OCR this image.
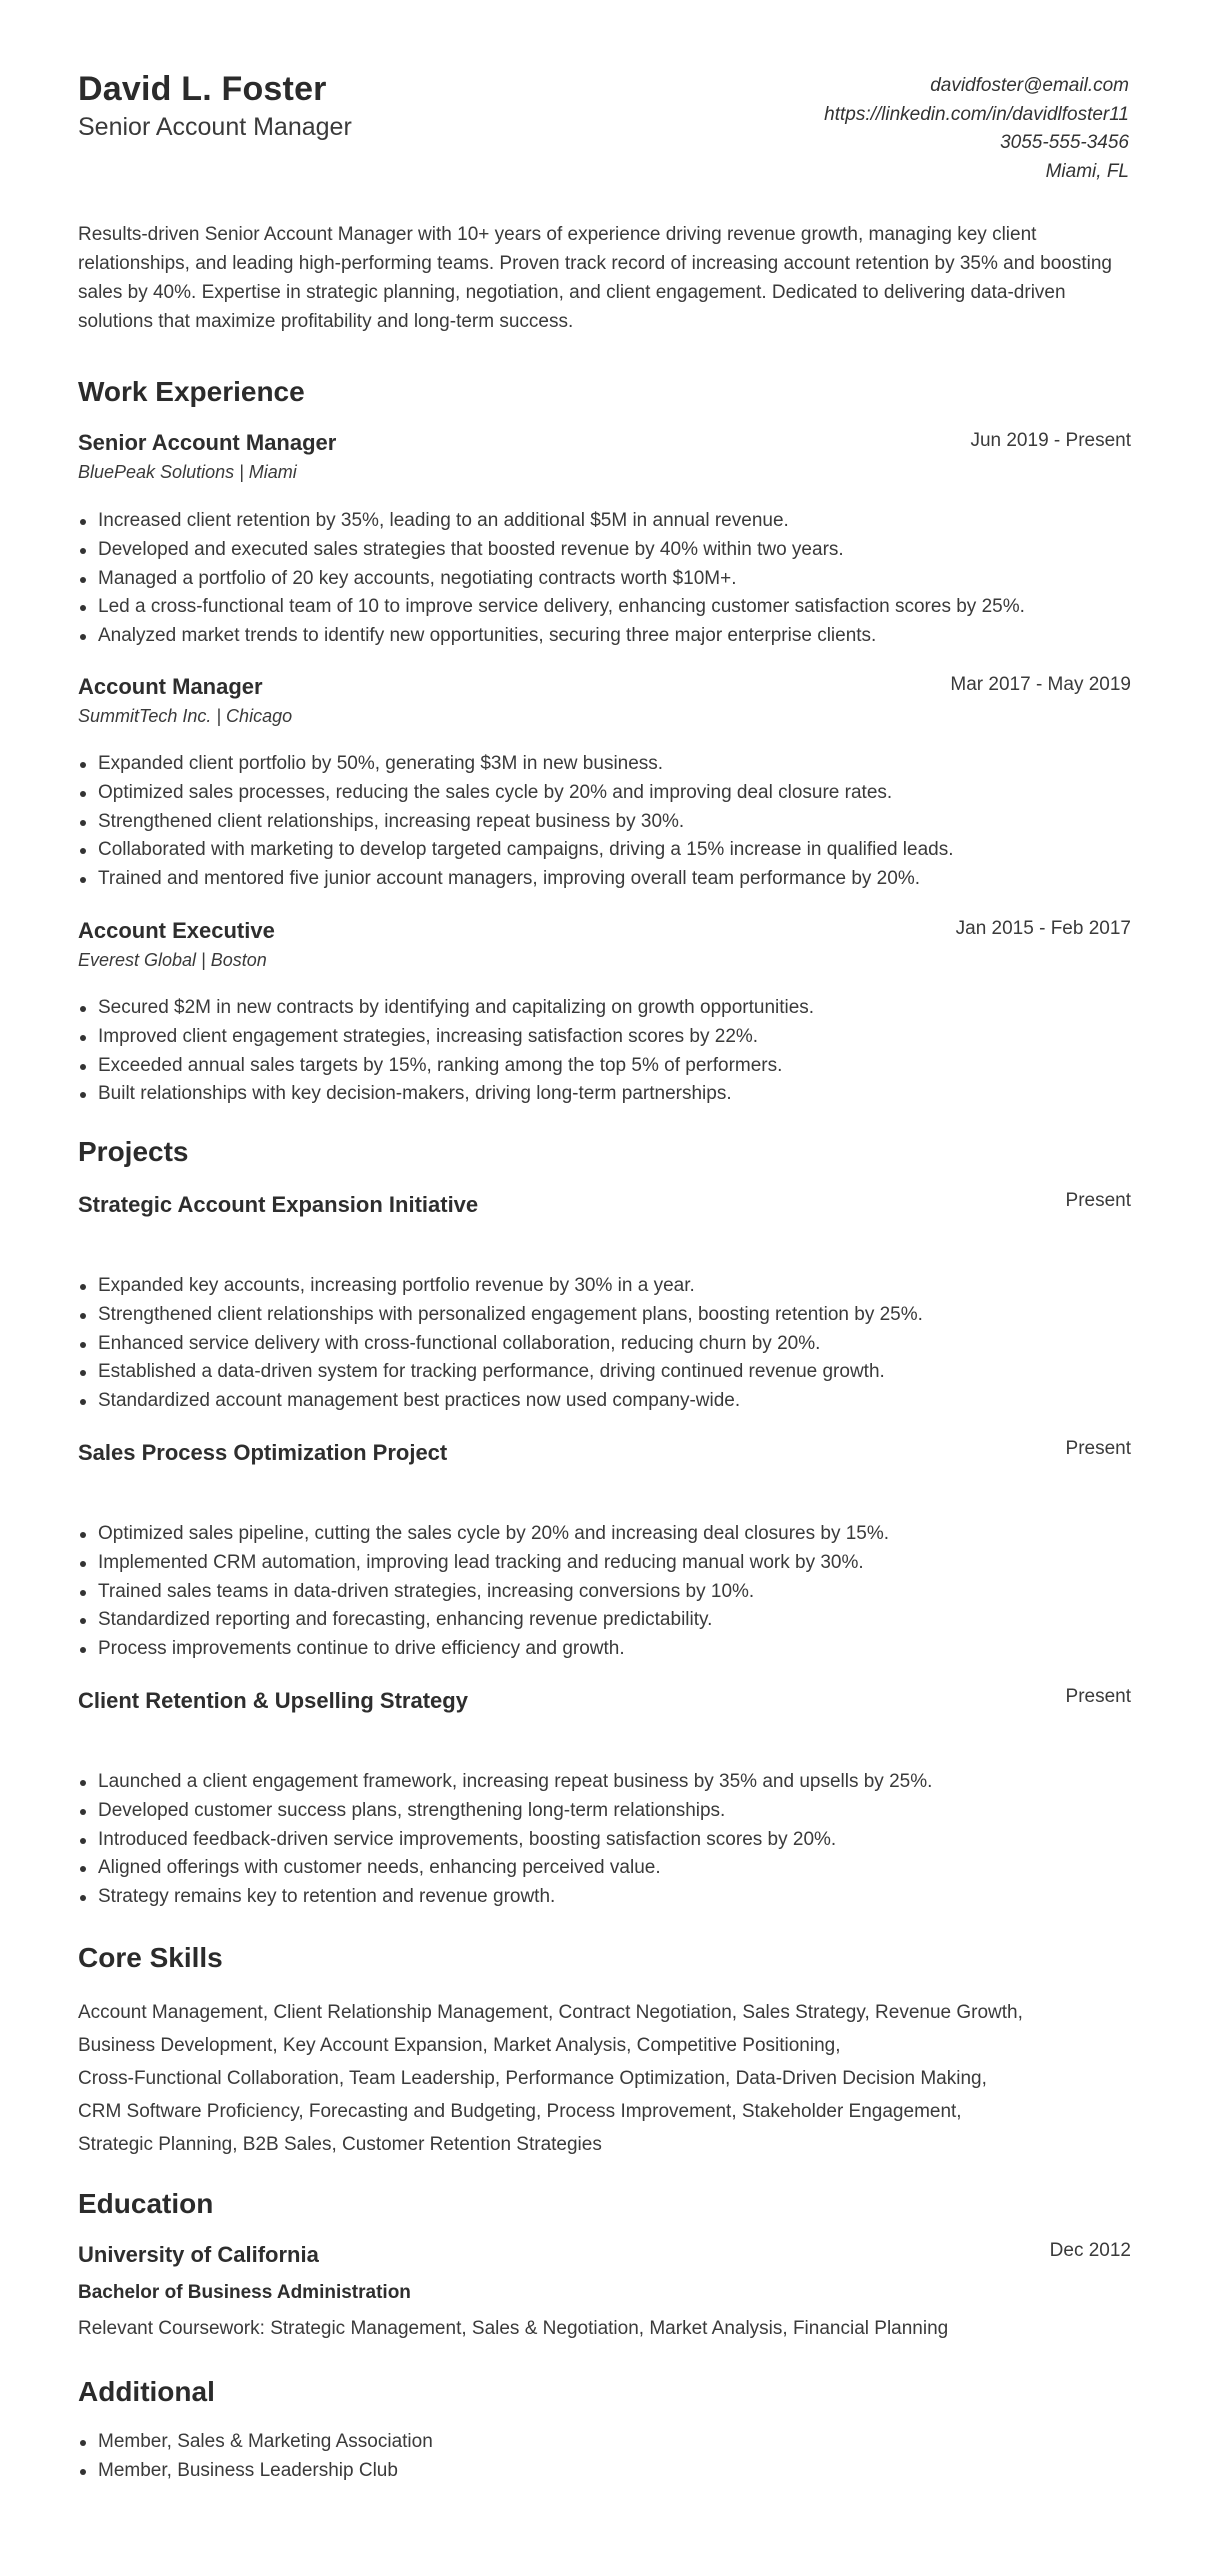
David L. Foster
Senior Account Manager
davidfoster@email.com
https://linkedin.com/in/davidlfoster11
3055-555-3456
Miami, FL

Results-driven Senior Account Manager with 10+ years of experience driving revenue growth, managing key client relationships, and leading high-performing teams. Proven track record of increasing account retention by 35% and boosting sales by 40%. Expertise in strategic planning, negotiation, and client engagement. Dedicated to delivering data-driven solutions that maximize profitability and long-term success.

Work Experience
Senior Account Manager	Jun 2019 - Present
BluePeak Solutions | Miami
Increased client retention by 35%, leading to an additional $5M in annual revenue.
Developed and executed sales strategies that boosted revenue by 40% within two years.
Managed a portfolio of 20 key accounts, negotiating contracts worth $10M+.
Led a cross-functional team of 10 to improve service delivery, enhancing customer satisfaction scores by 25%.
Analyzed market trends to identify new opportunities, securing three major enterprise clients.
Account Manager	Mar 2017 - May 2019
SummitTech Inc. | Chicago
Expanded client portfolio by 50%, generating $3M in new business.
Optimized sales processes, reducing the sales cycle by 20% and improving deal closure rates.
Strengthened client relationships, increasing repeat business by 30%.
Collaborated with marketing to develop targeted campaigns, driving a 15% increase in qualified leads.
Trained and mentored five junior account managers, improving overall team performance by 20%.
Account Executive	Jan 2015 - Feb 2017
Everest Global | Boston
Secured $2M in new contracts by identifying and capitalizing on growth opportunities.
Improved client engagement strategies, increasing satisfaction scores by 22%.
Exceeded annual sales targets by 15%, ranking among the top 5% of performers.
Built relationships with key decision-makers, driving long-term partnerships.
Projects
Strategic Account Expansion Initiative	Present
Expanded key accounts, increasing portfolio revenue by 30% in a year.
Strengthened client relationships with personalized engagement plans, boosting retention by 25%.
Enhanced service delivery with cross-functional collaboration, reducing churn by 20%.
Established a data-driven system for tracking performance, driving continued revenue growth.
Standardized account management best practices now used company-wide.
Sales Process Optimization Project	Present
Optimized sales pipeline, cutting the sales cycle by 20% and increasing deal closures by 15%.
Implemented CRM automation, improving lead tracking and reducing manual work by 30%.
Trained sales teams in data-driven strategies, increasing conversions by 10%.
Standardized reporting and forecasting, enhancing revenue predictability.
Process improvements continue to drive efficiency and growth.
Client Retention & Upselling Strategy	Present
Launched a client engagement framework, increasing repeat business by 35% and upsells by 25%.
Developed customer success plans, strengthening long-term relationships.
Introduced feedback-driven service improvements, boosting satisfaction scores by 20%.
Aligned offerings with customer needs, enhancing perceived value.
Strategy remains key to retention and revenue growth.
Core Skills
Account Management, Client Relationship Management, Contract Negotiation, Sales Strategy, Revenue Growth,
Business Development, Key Account Expansion, Market Analysis, Competitive Positioning,
Cross-Functional Collaboration, Team Leadership, Performance Optimization, Data-Driven Decision Making,
CRM Software Proficiency, Forecasting and Budgeting, Process Improvement, Stakeholder Engagement,
Strategic Planning, B2B Sales, Customer Retention Strategies
Education
University of California	Dec 2012
Bachelor of Business Administration
Relevant Coursework: Strategic Management, Sales & Negotiation, Market Analysis, Financial Planning
Additional
Member, Sales & Marketing Association
Member, Business Leadership Club
